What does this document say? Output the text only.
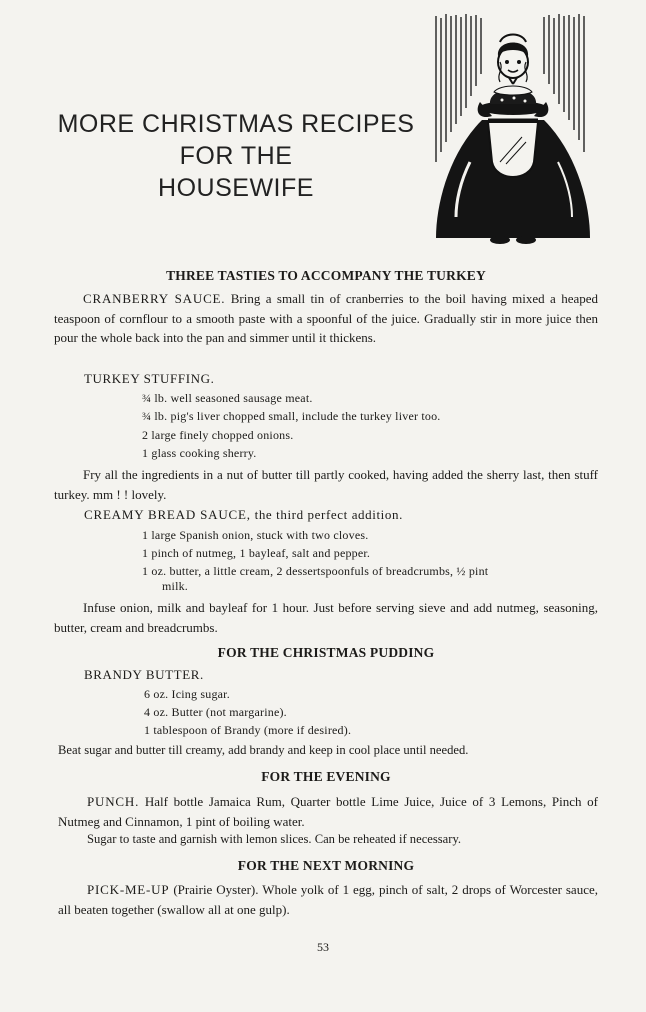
MORE CHRISTMAS RECIPES
FOR THE
HOUSEWIFE
THREE TASTIES TO ACCOMPANY THE TURKEY

CRANBERRY SAUCE. Bring a small tin of cranberries to the boil having mixed a heaped teaspoon of cornflour to a smooth paste with a spoonful of the juice. Gradually stir in more juice then pour the whole back into the pan and simmer until it thickens.

TURKEY STUFFING.

¾ lb. well seasoned sausage meat.

¾ lb. pig's liver chopped small, include the turkey liver too.

2 large finely chopped onions.

1 glass cooking sherry.

Fry all the ingredients in a nut of butter till partly cooked, having added the sherry last, then stuff turkey. mm ! ! lovely.

CREAMY BREAD SAUCE, the third perfect addition.

1 large Spanish onion, stuck with two cloves.

1 pinch of nutmeg, 1 bayleaf, salt and pepper.

1 oz. butter, a little cream, 2 dessertspoonfuls of breadcrumbs, ½ pint

milk.

Infuse onion, milk and bayleaf for 1 hour. Just before serving sieve and add nutmeg, seasoning, butter, cream and breadcrumbs.

FOR THE CHRISTMAS PUDDING

BRANDY BUTTER.

6 oz. Icing sugar.

4 oz. Butter (not margarine).

1 tablespoon of Brandy (more if desired).

Beat sugar and butter till creamy, add brandy and keep in cool place until needed.

FOR THE EVENING

PUNCH. Half bottle Jamaica Rum, Quarter bottle Lime Juice, Juice of 3 Lemons, Pinch of Nutmeg and Cinnamon, 1 pint of boiling water.

Sugar to taste and garnish with lemon slices. Can be reheated if necessary.

FOR THE NEXT MORNING

PICK-ME-UP (Prairie Oyster). Whole yolk of 1 egg, pinch of salt, 2 drops of Worcester sauce, all beaten together (swallow all at one gulp).

53
